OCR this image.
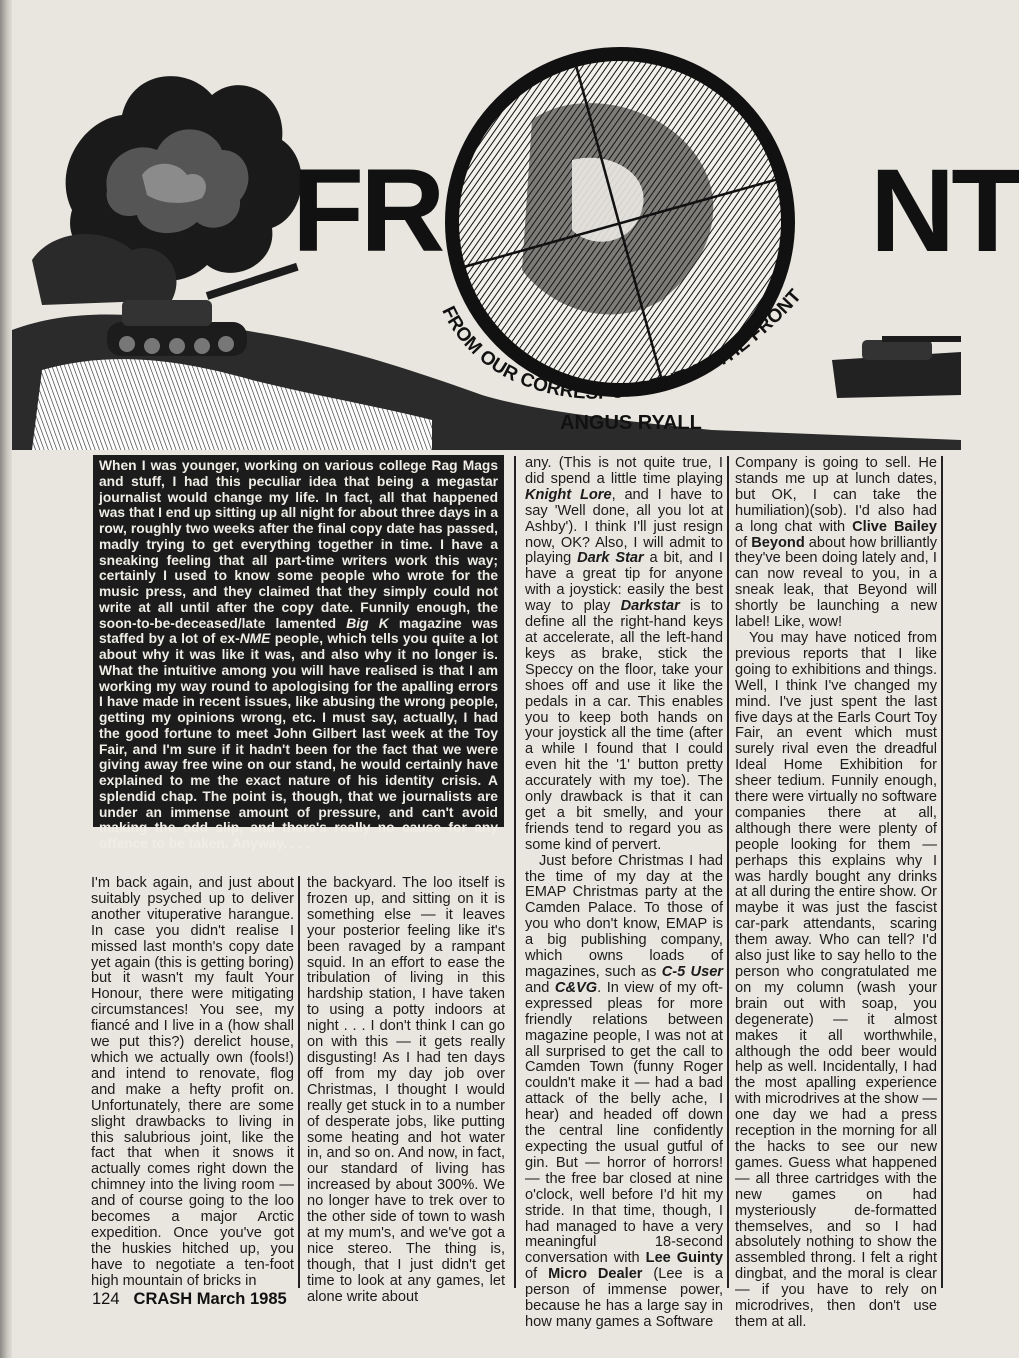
FROM OUR CORRESPONDENT AT THE FRONT
FR	NT
ANGUS RYALL
When I was younger, working on various college Rag Mags and stuff, I had this peculiar idea that being a megastar journalist would change my life. In fact, all that happened was that I end up sitting up all night for about three days in a row, roughly two weeks after the final copy date has passed, madly trying to get everything together in time. I have a sneaking feeling that all part-time writers work this way; certainly I used to know some people who wrote for the music press, and they claimed that they simply could not write at all until after the copy date. Funnily enough, the soon-to-be-deceased/late lamented Big K magazine was staffed by a lot of ex-NME people, which tells you quite a lot about why it was like it was, and also why it no longer is. What the intuitive among you will have realised is that I am working my way round to apologising for the apalling errors I have made in recent issues, like abusing the wrong people, getting my opinions wrong, etc. I must say, actually, I had the good fortune to meet John Gilbert last week at the Toy Fair, and I'm sure if it hadn't been for the fact that we were giving away free wine on our stand, he would certainly have explained to me the exact nature of his identity crisis. A splendid chap. The point is, though, that we journalists are under an immense amount of pressure, and can't avoid making the odd slip, and there's really no cause for any offence to be taken. Anyway. . . .

I'm back again, and just about suitably psyched up to deliver another vituperative harangue. In case you didn't realise I missed last month's copy date yet again (this is getting boring) but it wasn't my fault Your Honour, there were mitigating circumstances! You see, my fiancé and I live in a (how shall we put this?) derelict house, which we actually own (fools!) and intend to renovate, flog and make a hefty profit on. Unfortunately, there are some slight drawbacks to living in this salubrious joint, like the fact that when it snows it actually comes right down the chimney into the living room — and of course going to the loo becomes a major Arctic expedition. Once you've got the huskies hitched up, you have to negotiate a ten-foot high mountain of bricks in

the backyard. The loo itself is frozen up, and sitting on it is something else — it leaves your posterior feeling like it's been ravaged by a rampant squid. In an effort to ease the tribulation of living in this hardship station, I have taken to using a potty indoors at night . . . I don't think I can go on with this — it gets really disgusting! As I had ten days off from my day job over Christmas, I thought I would really get stuck in to a number of desperate jobs, like putting some heating and hot water in, and so on. And now, in fact, our standard of living has increased by about 300%. We no longer have to trek over to the other side of town to wash at my mum's, and we've got a nice stereo. The thing is, though, that I just didn't get time to look at any games, let alone write about

any. (This is not quite true, I did spend a little time playing Knight Lore, and I have to say 'Well done, all you lot at Ashby'). I think I'll just resign now, OK? Also, I will admit to playing Dark Star a bit, and I have a great tip for anyone with a joystick: easily the best way to play Darkstar is to define all the right-hand keys at accelerate, all the left-hand keys as brake, stick the Speccy on the floor, take your shoes off and use it like the pedals in a car. This enables you to keep both hands on your joystick all the time (after a while I found that I could even hit the '1' button pretty accurately with my toe). The only drawback is that it can get a bit smelly, and your friends tend to regard you as some kind of pervert.

Just before Christmas I had the time of my day at the EMAP Christmas party at the Camden Palace. To those of you who don't know, EMAP is a big publishing company, which owns loads of magazines, such as C-5 User and C&VG. In view of my oft-expressed pleas for more friendly relations between magazine people, I was not at all surprised to get the call to Camden Town (funny Roger couldn't make it — had a bad attack of the belly ache, I hear) and headed off down the central line confidently expecting the usual gutful of gin. But — horror of horrors! — the free bar closed at nine o'clock, well before I'd hit my stride. In that time, though, I had managed to have a very meaningful 18-second conversation with Lee Guinty of Micro Dealer (Lee is a person of immense power, because he has a large say in how many games a Software

Company is going to sell. He stands me up at lunch dates, but OK, I can take the humiliation)(sob). I'd also had a long chat with Clive Bailey of Beyond about how brilliantly they've been doing lately and, I can now reveal to you, in a sneak leak, that Beyond will shortly be launching a new label! Like, wow!

You may have noticed from previous reports that I like going to exhibitions and things. Well, I think I've changed my mind. I've just spent the last five days at the Earls Court Toy Fair, an event which must surely rival even the dreadful Ideal Home Exhibition for sheer tedium. Funnily enough, there were virtually no software companies there at all, although there were plenty of people looking for them — perhaps this explains why I was hardly bought any drinks at all during the entire show. Or maybe it was just the fascist car-park attendants, scaring them away. Who can tell? I'd also just like to say hello to the person who congratulated me on my column (wash your brain out with soap, you degenerate) — it almost makes it all worthwhile, although the odd beer would help as well. Incidentally, I had the most apalling experience with microdrives at the show — one day we had a press reception in the morning for all the hacks to see our new games. Guess what happened — all three cartridges with the new games on had mysteriously de-formatted themselves, and so I had absolutely nothing to show the assembled throng. I felt a right dingbat, and the moral is clear — if you have to rely on microdrives, then don't use them at all.

124 CRASH March 1985
